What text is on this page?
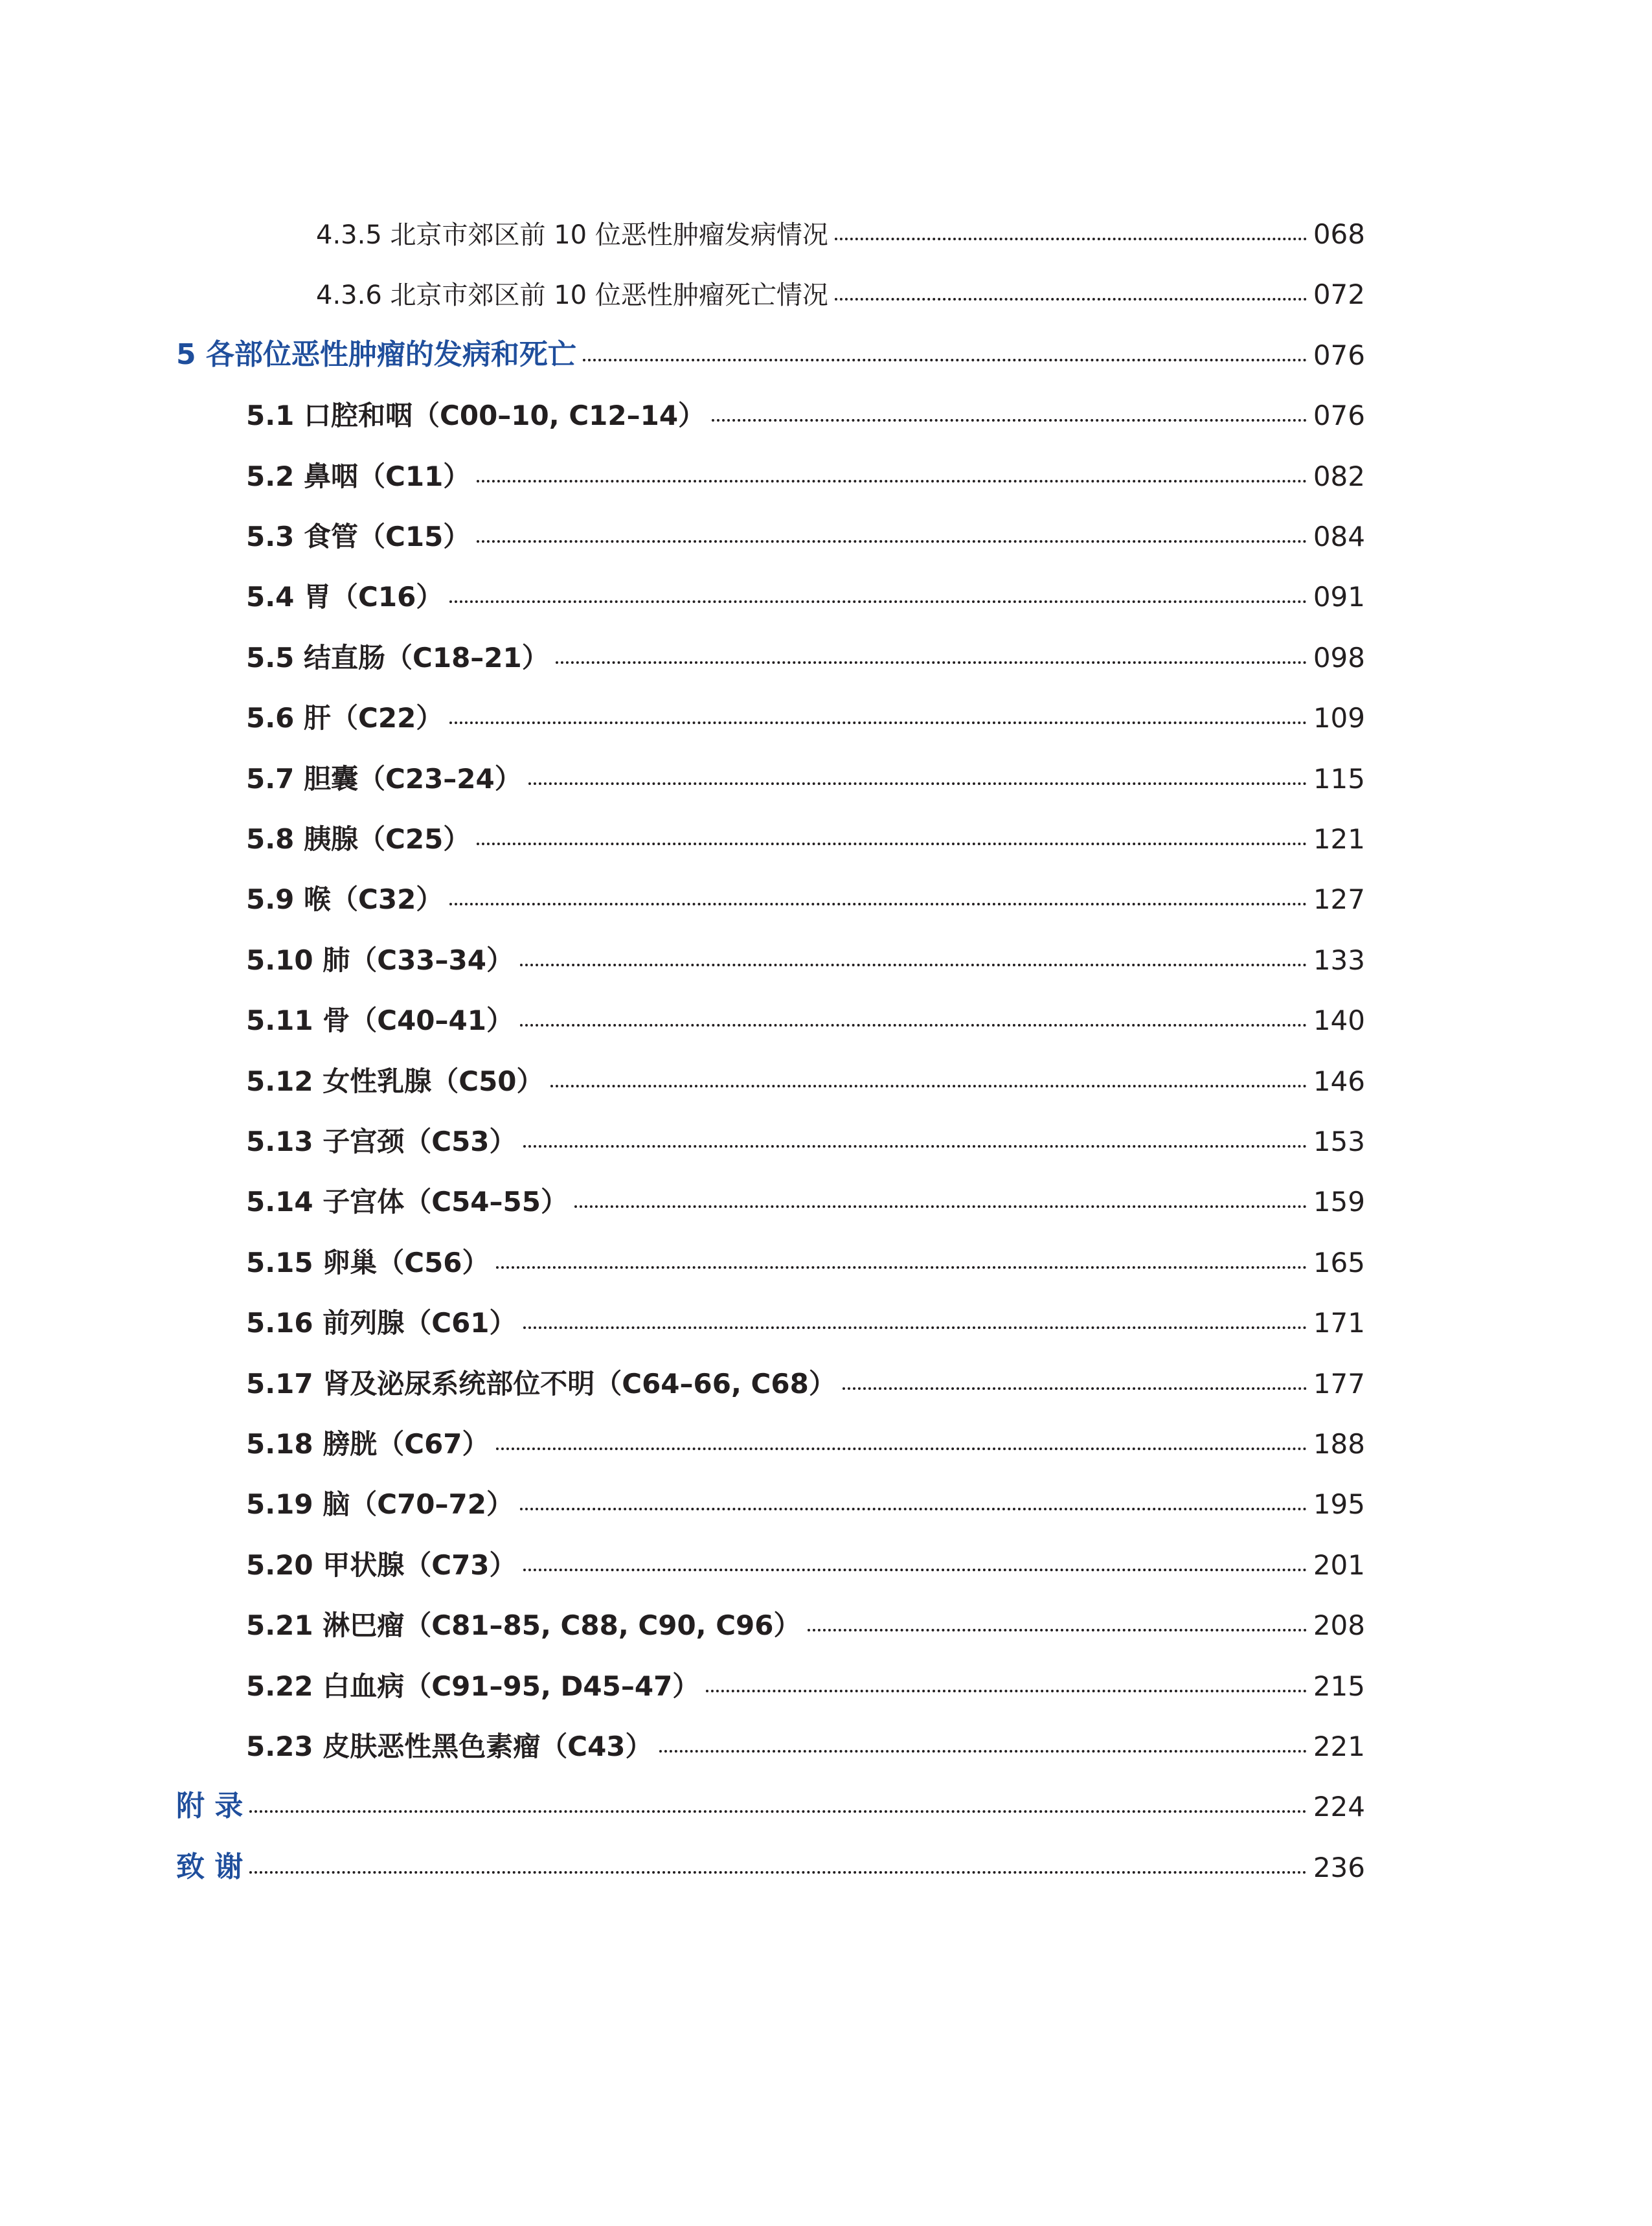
4.3.5 北京市郊区前 10 位恶性肿瘤发病情况	068
4.3.6 北京市郊区前 10 位恶性肿瘤死亡情况	072
5 各部位恶性肿瘤的发病和死亡	076
5.1 口腔和咽（C00–10, C12–14）	076
5.2 鼻咽（C11）	082
5.3 食管（C15）	084
5.4 胃（C16）	091
5.5 结直肠（C18–21）	098
5.6 肝（C22）	109
5.7 胆囊（C23–24）	115
5.8 胰腺（C25）	121
5.9 喉（C32）	127
5.10 肺（C33–34）	133
5.11 骨（C40–41）	140
5.12 女性乳腺（C50）	146
5.13 子宫颈（C53）	153
5.14 子宫体（C54–55）	159
5.15 卵巢（C56）	165
5.16 前列腺（C61）	171
5.17 肾及泌尿系统部位不明（C64–66, C68）	177
5.18 膀胱（C67）	188
5.19 脑（C70–72）	195
5.20 甲状腺（C73）	201
5.21 淋巴瘤（C81–85, C88, C90, C96）	208
5.22 白血病（C91–95, D45–47）	215
5.23 皮肤恶性黑色素瘤（C43）	221
附 录	224
致 谢	236
